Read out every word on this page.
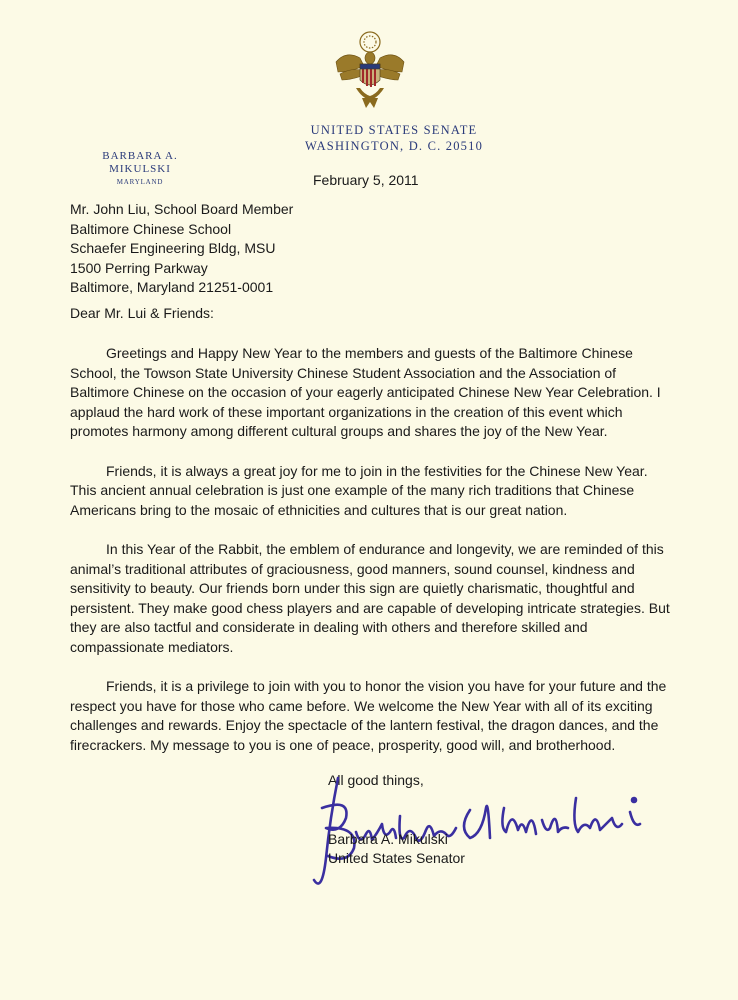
UNITED STATES SENATE
WASHINGTON, D. C. 20510
BARBARA A. MIKULSKI
MARYLAND	February 5, 2011
Mr. John Liu, School Board Member
Baltimore Chinese School
Schaefer Engineering Bldg, MSU
1500 Perring Parkway
Baltimore, Maryland 21251-0001
Dear Mr. Lui & Friends:

Greetings and Happy New Year to the members and guests of the Baltimore Chinese School, the Towson State University Chinese Student Association and the Association of Baltimore Chinese on the occasion of your eagerly anticipated Chinese New Year Celebration. I applaud the hard work of these important organizations in the creation of this event which promotes harmony among different cultural groups and shares the joy of the New Year.

Friends, it is always a great joy for me to join in the festivities for the Chinese New Year. This ancient annual celebration is just one example of the many rich traditions that Chinese Americans bring to the mosaic of ethnicities and cultures that is our great nation.

In this Year of the Rabbit, the emblem of endurance and longevity, we are reminded of this animal’s traditional attributes of graciousness, good manners, sound counsel, kindness and sensitivity to beauty. Our friends born under this sign are quietly charismatic, thoughtful and persistent. They make good chess players and are capable of developing intricate strategies. But they are also tactful and considerate in dealing with others and therefore skilled and compassionate mediators.

Friends, it is a privilege to join with you to honor the vision you have for your future and the respect you have for those who came before. We welcome the New Year with all of its exciting challenges and rewards. Enjoy the spectacle of the lantern festival, the dragon dances, and the firecrackers. My message to you is one of peace, prosperity, good will, and brotherhood.

All good things,
Barbara A. Mikulski
United States Senator
